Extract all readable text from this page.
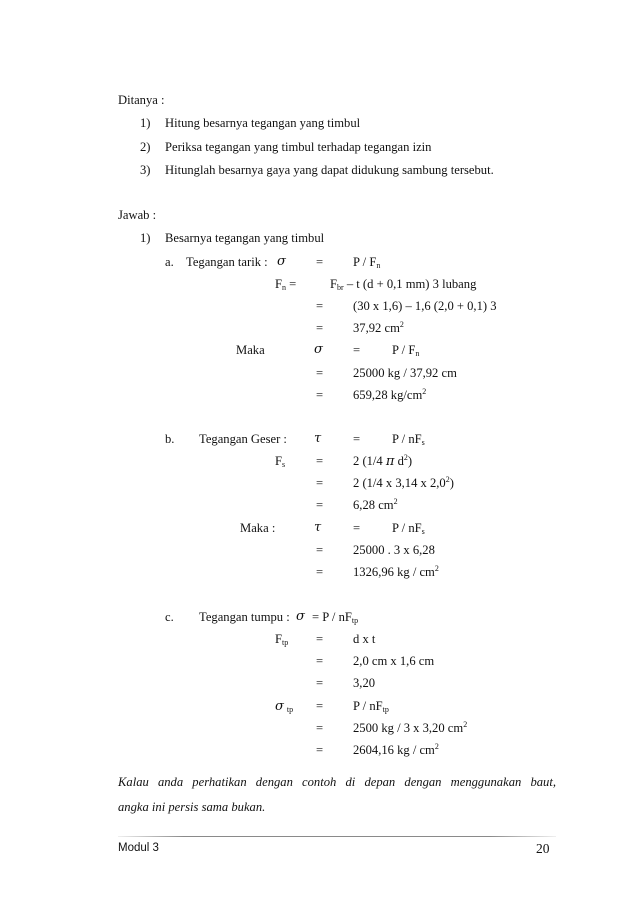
Ditanya :
1) Hitung besarnya tegangan yang timbul
2) Periksa tegangan yang timbul terhadap tegangan izin
3) Hitunglah besarnya gaya yang dapat didukung sambung tersebut.
Jawab :
1) Besarnya tegangan yang timbul
a. Tegangan tarik : $\sigma = P / F_n$
$F_n$ =	$F_{br}$ – t (d + 0,1 mm) 3 lubang
= (30 x 1,6) – 1,6 (2,0 + 0,1) 3
= 37,92 $cm^2$
Maka	σ =	P / $F_n$
= 25000 kg / 37,92 cm
= 659,28 $kg/cm^2$
b. Tegangan Geser : τ	=	P / $nF_s$
$F_s = 2$ (1/4 π $d^2$)
= 2 (1/4 x 3,14 x $2,0^2$)
= 6,28 $cm^2$
Maka :	τ	=	P / $nF_s$
= 25000 . 3 x 6,28
= 1326,96 kg / $cm^2$
c. Tegangan tumpu : $\sigma = P / nF_{tp}$
$F_{tp} = d$ x t
= 2,0 cm x 1,6 cm
= 3,20
σ $_{tp} = P / nF_{tp}$
= 2500 kg / 3 x 3,20 $cm^2$
= 2604,16 kg / $cm^2$
Kalau anda perhatikan dengan contoh di depan dengan menggunakan baut,
angka ini persis sama bukan.
Modul 3	20
